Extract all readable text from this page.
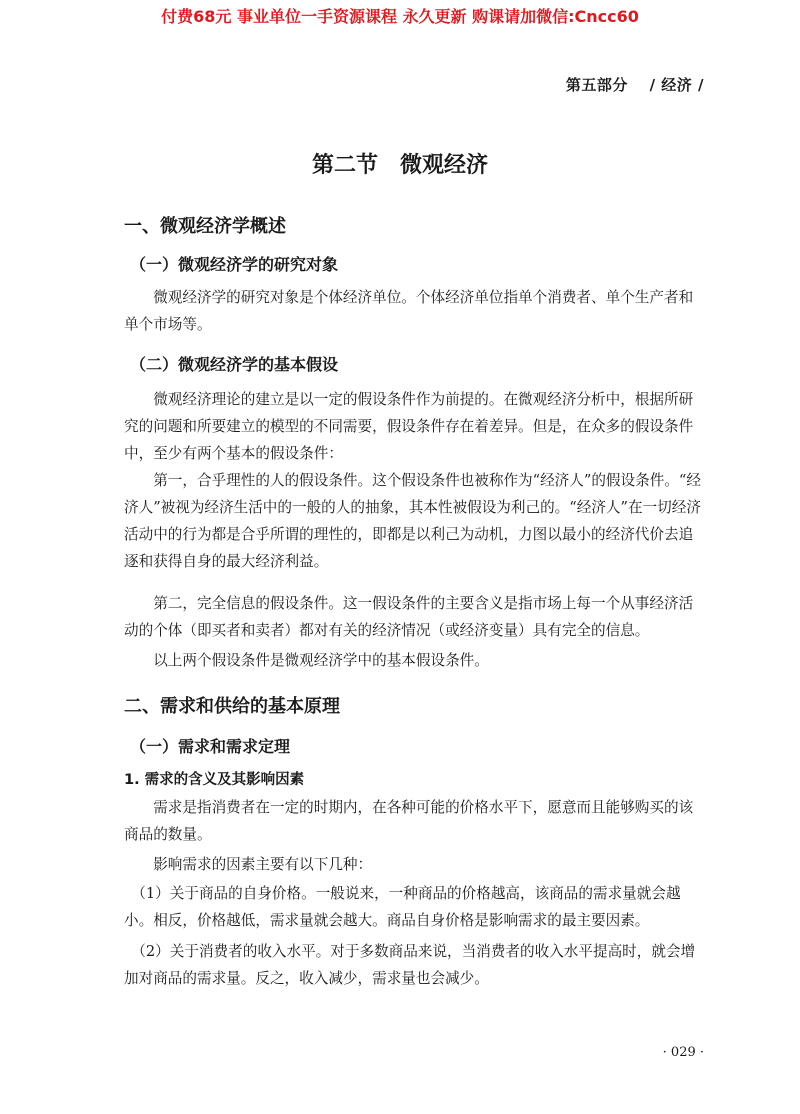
付费68元 事业单位一手资源课程 永久更新 购课请加微信:Cncc60
第五部分 / 经济 /
第二节 微观经济
一、微观经济学概述
（一）微观经济学的研究对象
微观经济学的研究对象是个体经济单位。个体经济单位指单个消费者、单个生产者和单个市场等。
（二）微观经济学的基本假设
微观经济理论的建立是以一定的假设条件作为前提的。在微观经济分析中，根据所研究的问题和所要建立的模型的不同需要，假设条件存在着差异。但是，在众多的假设条件中，至少有两个基本的假设条件：
第一，合乎理性的人的假设条件。这个假设条件也被称作为“经济人”的假设条件。“经济人”被视为经济生活中的一般的人的抽象，其本性被假设为利己的。“经济人”在一切经济活动中的行为都是合乎所谓的理性的，即都是以利己为动机，力图以最小的经济代价去追逐和获得自身的最大经济利益。
第二，完全信息的假设条件。这一假设条件的主要含义是指市场上每一个从事经济活动的个体（即买者和卖者）都对有关的经济情况（或经济变量）具有完全的信息。
以上两个假设条件是微观经济学中的基本假设条件。
二、需求和供给的基本原理
（一）需求和需求定理
1. 需求的含义及其影响因素
需求是指消费者在一定的时期内，在各种可能的价格水平下，愿意而且能够购买的该商品的数量。
影响需求的因素主要有以下几种：
（1）关于商品的自身价格。一般说来，一种商品的价格越高，该商品的需求量就会越小。相反，价格越低，需求量就会越大。商品自身价格是影响需求的最主要因素。
（2）关于消费者的收入水平。对于多数商品来说，当消费者的收入水平提高时，就会增加对商品的需求量。反之，收入减少，需求量也会减少。
· 029 ·
